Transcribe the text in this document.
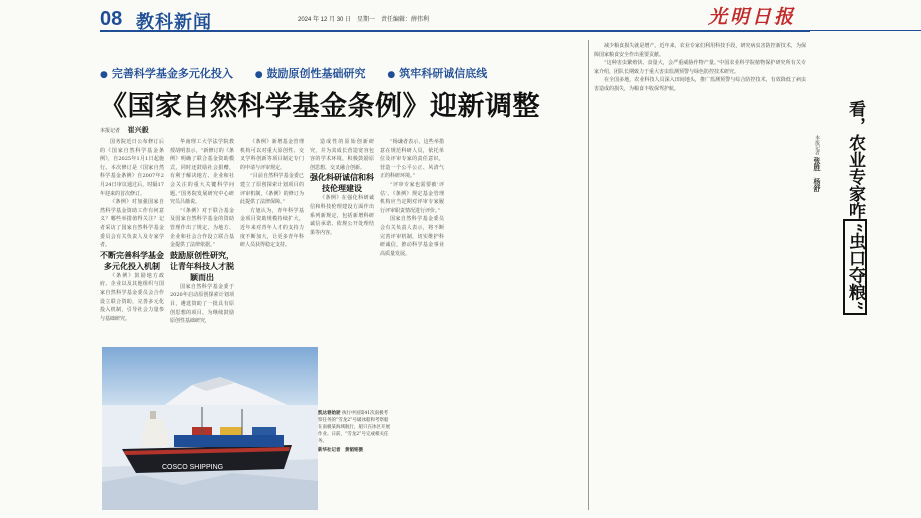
08 教科新闻	2024 年 12 月 30 日　星期一　责任编辑：薛伟利	光明日报
● 完善科学基金多元化投入	● 鼓励原创性基础研究	● 筑牢科研诚信底线
《国家自然科学基金条例》迎新调整
本报记者 崔兴毅

国务院近日公布修订后的《国家自然科学基金条例》，自2025年1月1日起施行。本次修订是《国家自然科学基金条例》自2007年2月24日审议通过后，时隔17年迎来的首次修订。

《条例》对加强国家自然科学基金资助工作有何意义？哪些举措值得关注？记者采访了国家自然科学基金委员会有关负责人及专家学者。

不断完善科学基金多元化投入机制

《条例》鼓励地方政府、企业以及其他组织与国家自然科学基金委员会合作设立联合资助，完善多元化投入机制，引导社会力量参与基础研究。

华南理工大学法学院教授胡明表示，“新修订的《条例》明确了联合基金资助模式，同时还鼓励社会捐赠，有利于解决地方、企业和社会关注的重大关键科学问题。”国务院发展研究中心研究员吕薇说。

“《条例》对于联合基金及国家自然科学基金的资助管理作出了规定，为地方、企业和社会合作设立联合基金提供了法律依据。”

鼓励原创性研究，让青年科技人才脱颖而出

国家自然科学基金委于2020年启动原创探索计划项目，遴选资助了一批具有原创思想的项目。为继续鼓励原创性基础研究，

《条例》新增基金管理机构可以对重大原创性、交叉学科创新等项目制定专门的申请与评审规定。

“目前自然科学基金委已建立了原创探索计划项目的评审机制，《条例》的修订为此提供了法律保障。”

方旭认为，青年科学基金项目资助规模持续扩大，近年来对青年人才的支持力度不断加大，让更多青年科研人员获得稳定支持。

造成性的原始创新研究，并为其成长营造宽容包容的学术环境，积极鼓励原创思想、交叉融合创新。

强化科研诚信和科技伦理建设

《条例》在强化科研诚信和科技伦理建设方面作出系列新规定，包括新增科研诚信承诺、依规公开处理结果等内容。

“杨谦者表示，这些举措意在规范科研人员，依托单位及评审专家的责任意识，营造一个公平公正、风清气正的科研环境。”

“评审专家也需要被‘评估’。《条例》规定基金管理机构应当定期对评审专家履行评审职责情况进行评价。”

国家自然科学基金委员会有关负责人表示，将不断完善评审机制，切实维护科研诚信，推动科学基金事业高质量发展。

COSCO SHIPPING
凯达春始驶 执行中国第41次南极考察任务的“雪龙2”号破冰船和考察船在南极某海域航行，船只在冰区开展作业。日前，“雪龙2”号完成相关任务。
新华社记者　黄韬铭摄

减少粮食损失就是增产。近年来，农业专家们利用科技手段，研究病虫害防控新技术，为保障国家粮食安全作出重要贡献。

“这种害虫繁殖快、食量大，会严重威胁作物产量。”中国农业科学院植物保护研究所有关专家介绍，团队长期致力于重大害虫监测预警与绿色防控技术研究。

在全国多地，农业科技人员深入田间地头，推广监测预警与综合防控技术，有效降低了病虫害造成的损失，为粮食丰收保驾护航。

看，农业专家咋“虫口夺粮”
本报记者 张胜　杨舒
